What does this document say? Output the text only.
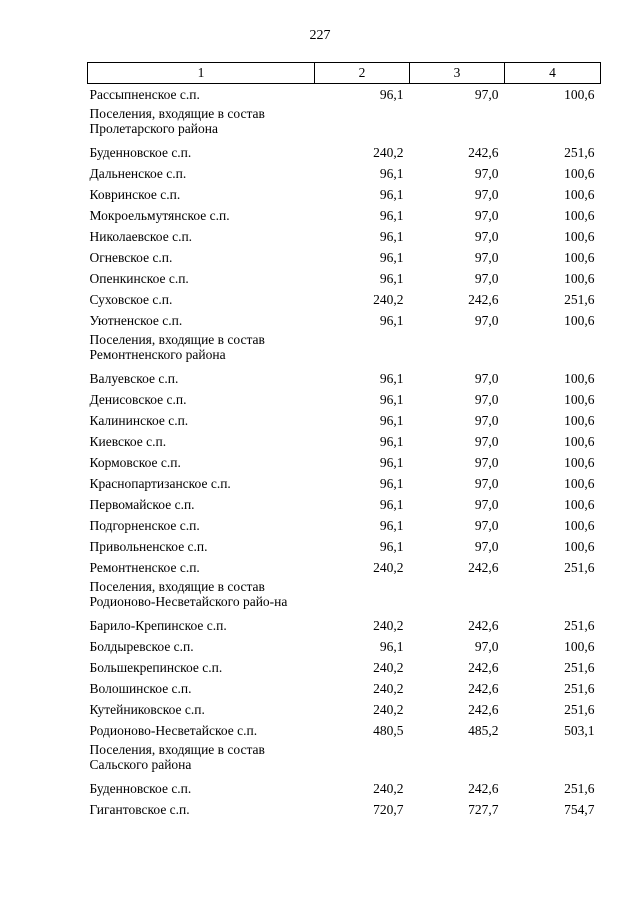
227
1	2	3	4
Рассыпненское с.п.	96,1	97,0	100,6
Поселения, входящие в состав Пролетарского района			
Буденновское с.п.	240,2	242,6	251,6
Дальненское с.п.	96,1	97,0	100,6
Ковринское с.п.	96,1	97,0	100,6
Мокроельмутянское с.п.	96,1	97,0	100,6
Николаевское с.п.	96,1	97,0	100,6
Огневское с.п.	96,1	97,0	100,6
Опенкинское с.п.	96,1	97,0	100,6
Суховское с.п.	240,2	242,6	251,6
Уютненское с.п.	96,1	97,0	100,6
Поселения, входящие в состав Ремонтненского района			
Валуевское с.п.	96,1	97,0	100,6
Денисовское с.п.	96,1	97,0	100,6
Калининское с.п.	96,1	97,0	100,6
Киевское с.п.	96,1	97,0	100,6
Кормовское с.п.	96,1	97,0	100,6
Краснопартизанское с.п.	96,1	97,0	100,6
Первомайское с.п.	96,1	97,0	100,6
Подгорненское с.п.	96,1	97,0	100,6
Привольненское с.п.	96,1	97,0	100,6
Ремонтненское с.п.	240,2	242,6	251,6
Поселения, входящие в состав Родионово-Несветайского райо-на			
Барило-Крепинское с.п.	240,2	242,6	251,6
Болдыревское с.п.	96,1	97,0	100,6
Большекрепинское с.п.	240,2	242,6	251,6
Волошинское с.п.	240,2	242,6	251,6
Кутейниковское с.п.	240,2	242,6	251,6
Родионово-Несветайское с.п.	480,5	485,2	503,1
Поселения, входящие в состав Сальского района			
Буденновское с.п.	240,2	242,6	251,6
Гигантовское с.п.	720,7	727,7	754,7
